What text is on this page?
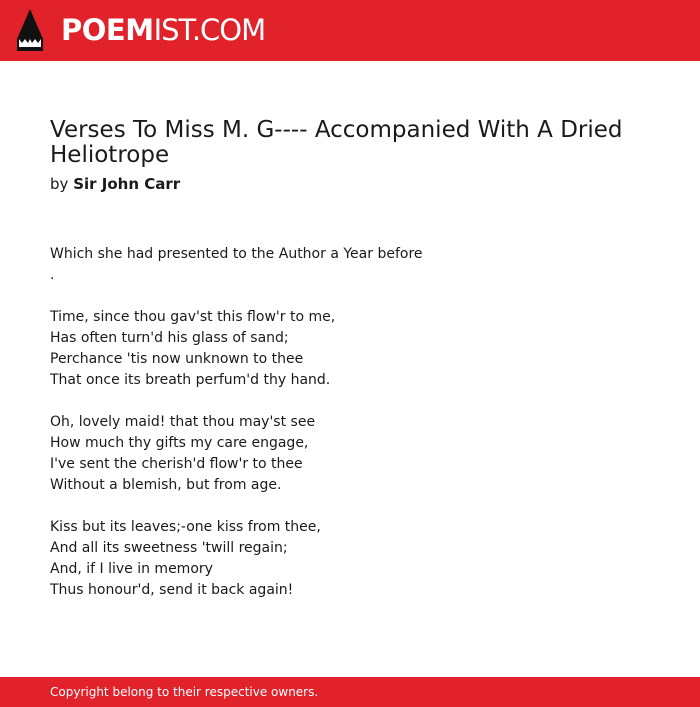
POEMIST.COM
Verses To Miss M. G---- Accompanied With A Dried Heliotrope
by Sir John Carr
Which she had presented to the Author a Year before
.
Time, since thou gav'st this flow'r to me,
Has often turn'd his glass of sand;
Perchance 'tis now unknown to thee
That once its breath perfum'd thy hand.
Oh, lovely maid! that thou may'st see
How much thy gifts my care engage,
I've sent the cherish'd flow'r to thee
Without a blemish, but from age.
Kiss but its leaves;-one kiss from thee,
And all its sweetness 'twill regain;
And, if I live in memory
Thus honour'd, send it back again!
Copyright belong to their respective owners.
